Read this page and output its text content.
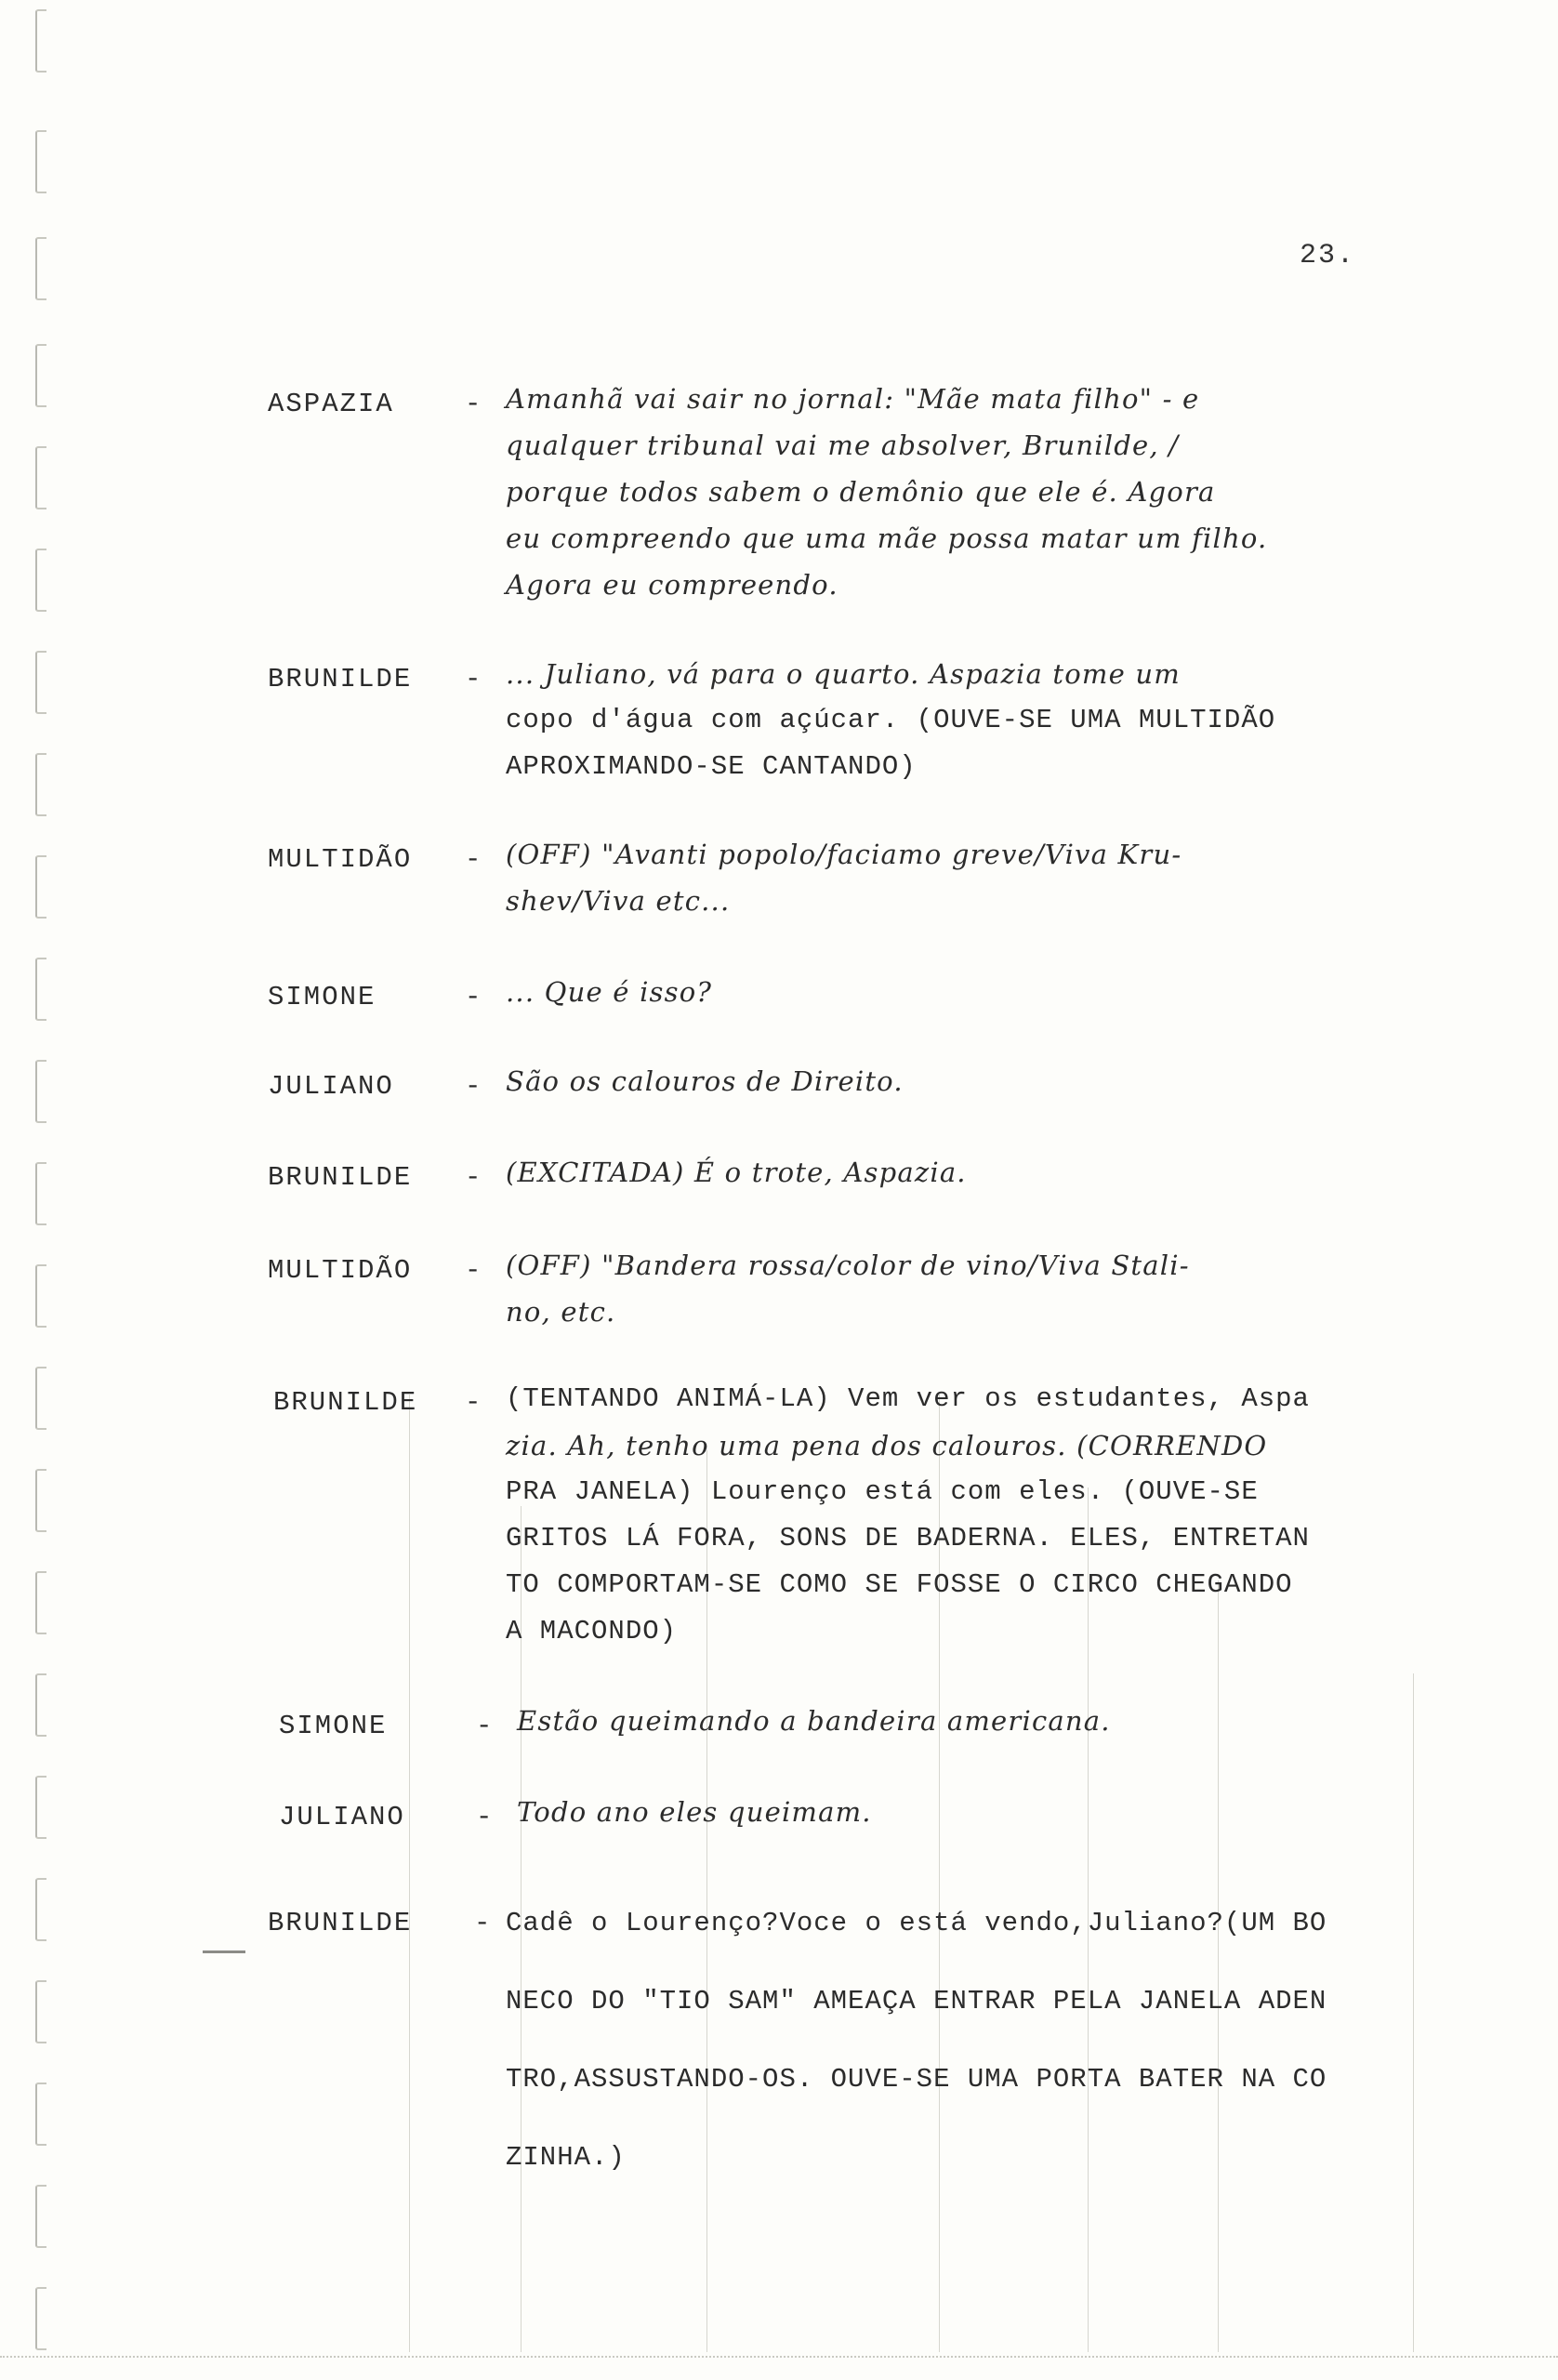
23.
ASPAZIA	- Amanhã vai sair no jornal: "Mãe mata filho" - e
qualquer tribunal vai me absolver, Brunilde, /
porque todos sabem o demônio que ele é. Agora
eu compreendo que uma mãe possa matar um filho.
Agora eu compreendo.
BRUNILDE - ... Juliano, vá para o quarto. Aspazia tome um
copo d'água com açúcar. (OUVE-SE UMA MULTIDÃO
APROXIMANDO-SE CANTANDO)
MULTIDÃO - (OFF) "Avanti popolo/faciamo greve/Viva Kru-
shev/Viva etc...
SIMONE	- ... Que é isso?
JULIANO	- São os calouros de Direito.
BRUNILDE - (EXCITADA) É o trote, Aspazia.
MULTIDÃO - (OFF) "Bandera rossa/color de vino/Viva Stali-
no, etc.
BRUNILDE - (TENTANDO ANIMÁ-LA) Vem ver os estudantes, Aspa
zia. Ah, tenho uma pena dos calouros. (CORRENDO
PRA JANELA) Lourenço está com eles. (OUVE-SE
GRITOS LÁ FORA, SONS DE BADERNA. ELES, ENTRETAN
TO COMPORTAM-SE COMO SE FOSSE O CIRCO CHEGANDO
A MACONDO)
SIMONE	- Estão queimando a bandeira americana.
JULIANO	- Todo ano eles queimam.
BRUNILDE - Cadê o Lourenço?Voce o está vendo,Juliano?(UM BO
NECO DO "TIO SAM" AMEAÇA ENTRAR PELA JANELA ADEN
TRO,ASSUSTANDO-OS. OUVE-SE UMA PORTA BATER NA CO
ZINHA.)
